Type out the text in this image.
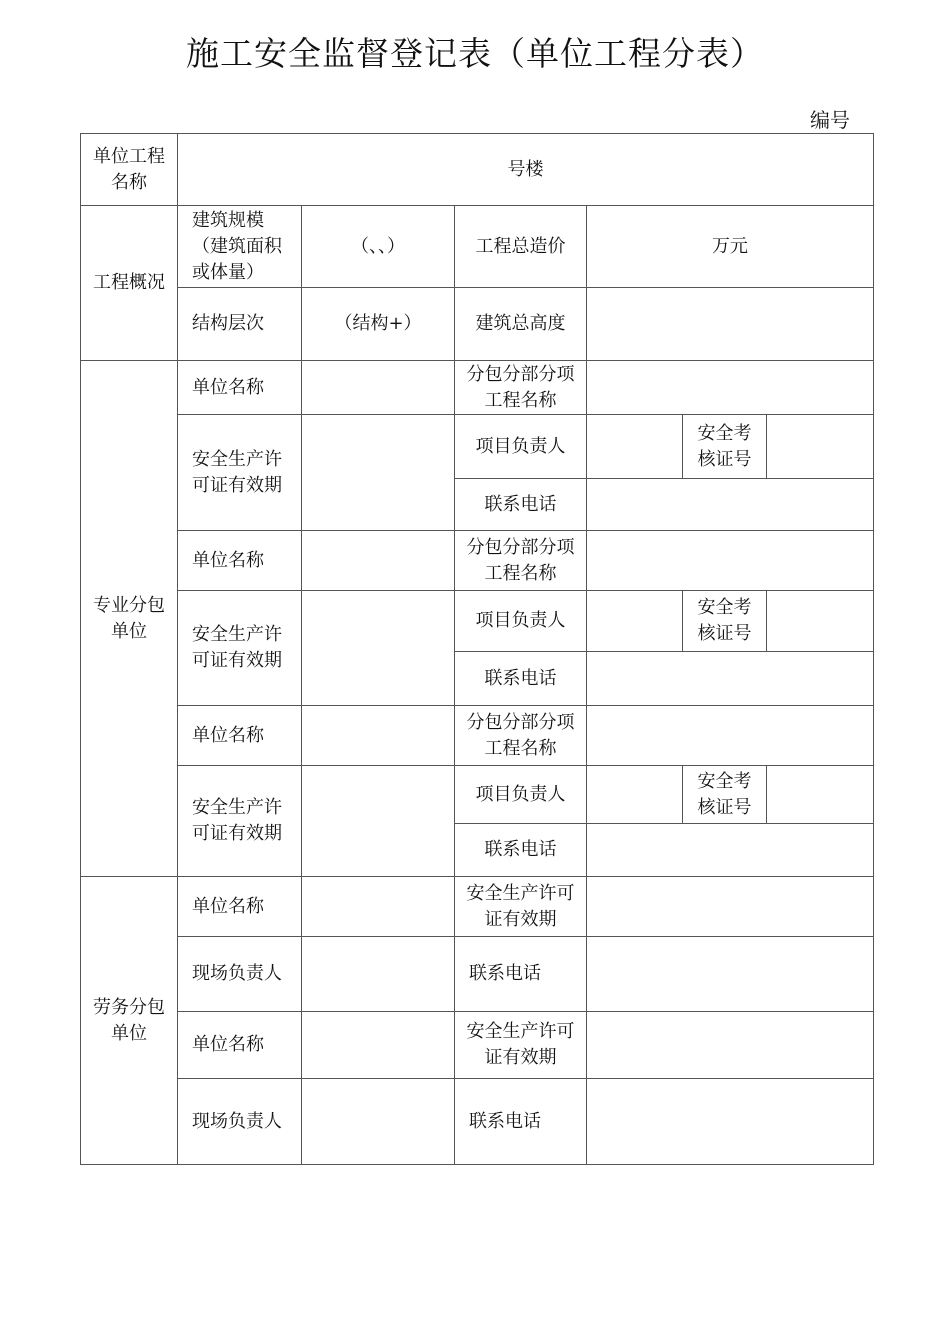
施工安全监督登记表（单位工程分表）
编号
单位工程名称	号楼					
工程概况	建筑规模（建筑面积或体量）	（、、）	工程总造价	万元		
	结构层次	（结构+）	建筑总高度			
专业分包单位	单位名称		分包分部分项工程名称			
	安全生产许可证有效期		项目负责人		安全考核证号	
			联系电话			
	单位名称		分包分部分项工程名称			
	安全生产许可证有效期		项目负责人		安全考核证号	
			联系电话			
	单位名称		分包分部分项工程名称			
	安全生产许可证有效期		项目负责人		安全考核证号	
			联系电话			
劳务分包单位	单位名称		安全生产许可证有效期			
	现场负责人		联系电话			
	单位名称		安全生产许可证有效期			
	现场负责人		联系电话			
